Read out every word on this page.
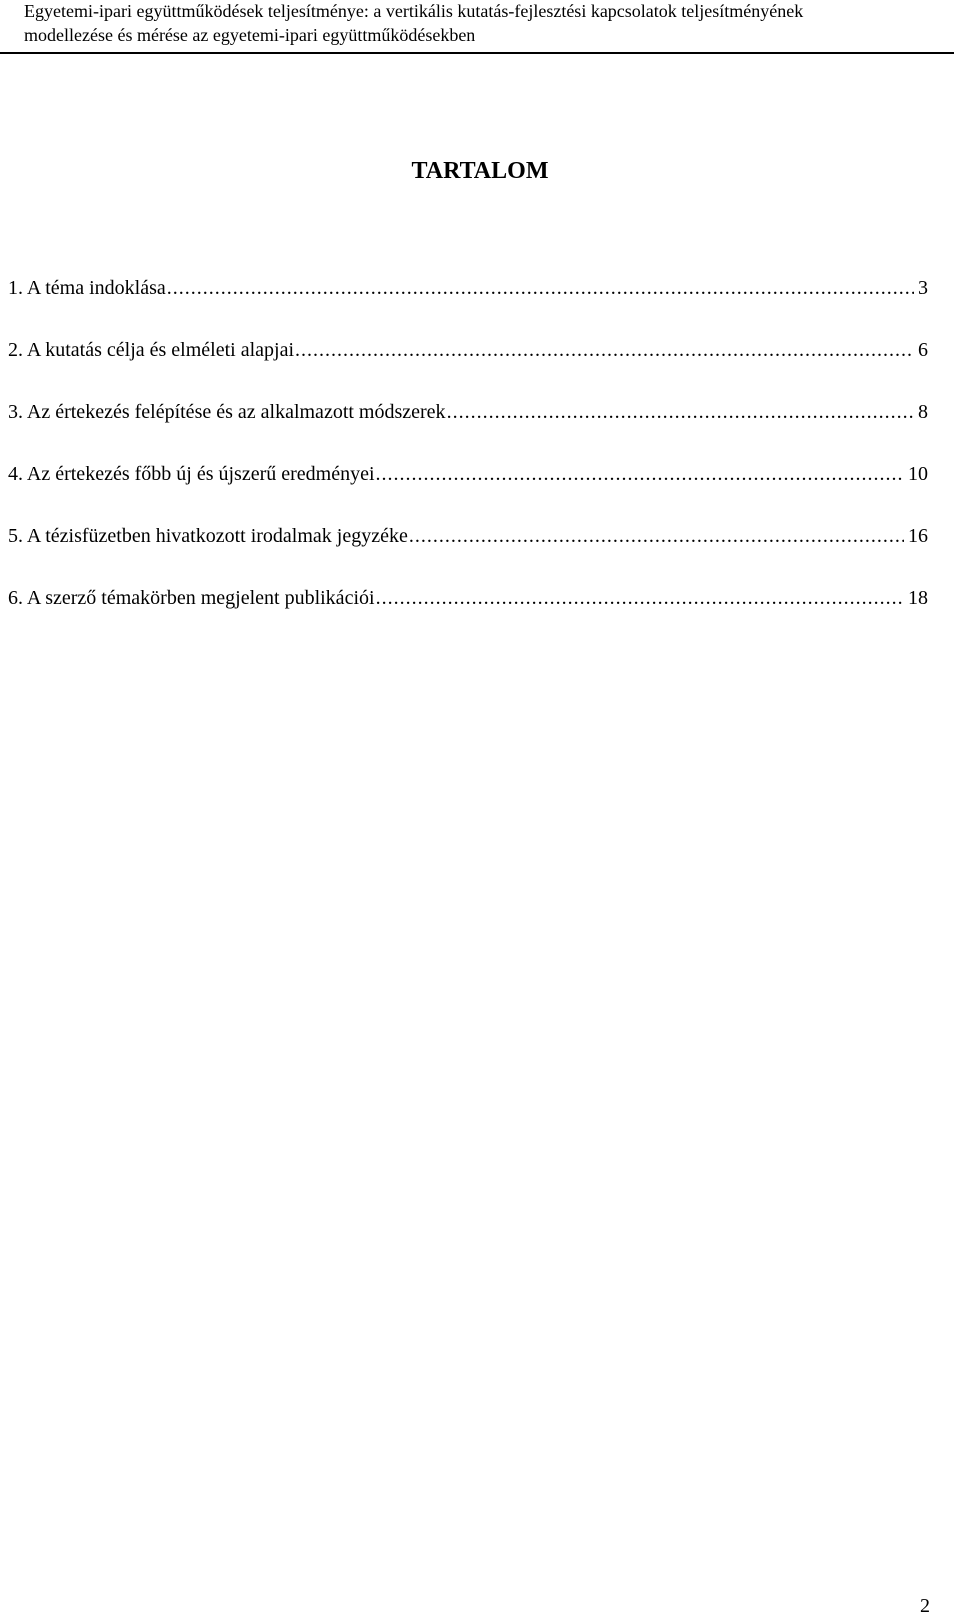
Egyetemi-ipari együttműködések teljesítménye: a vertikális kutatás-fejlesztési kapcsolatok teljesítményének
modellezése és mérése az egyetemi-ipari együttműködésekben
TARTALOM
1. A téma indoklása .....	3
2. A kutatás célja és elméleti alapjai .....	6
3. Az értekezés felépítése és az alkalmazott módszerek .....	8
4. Az értekezés főbb új és újszerű eredményei .....	10
5. A tézisfüzetben hivatkozott irodalmak jegyzéke .....	16
6. A szerző témakörben megjelent publikációi .....	18
2
